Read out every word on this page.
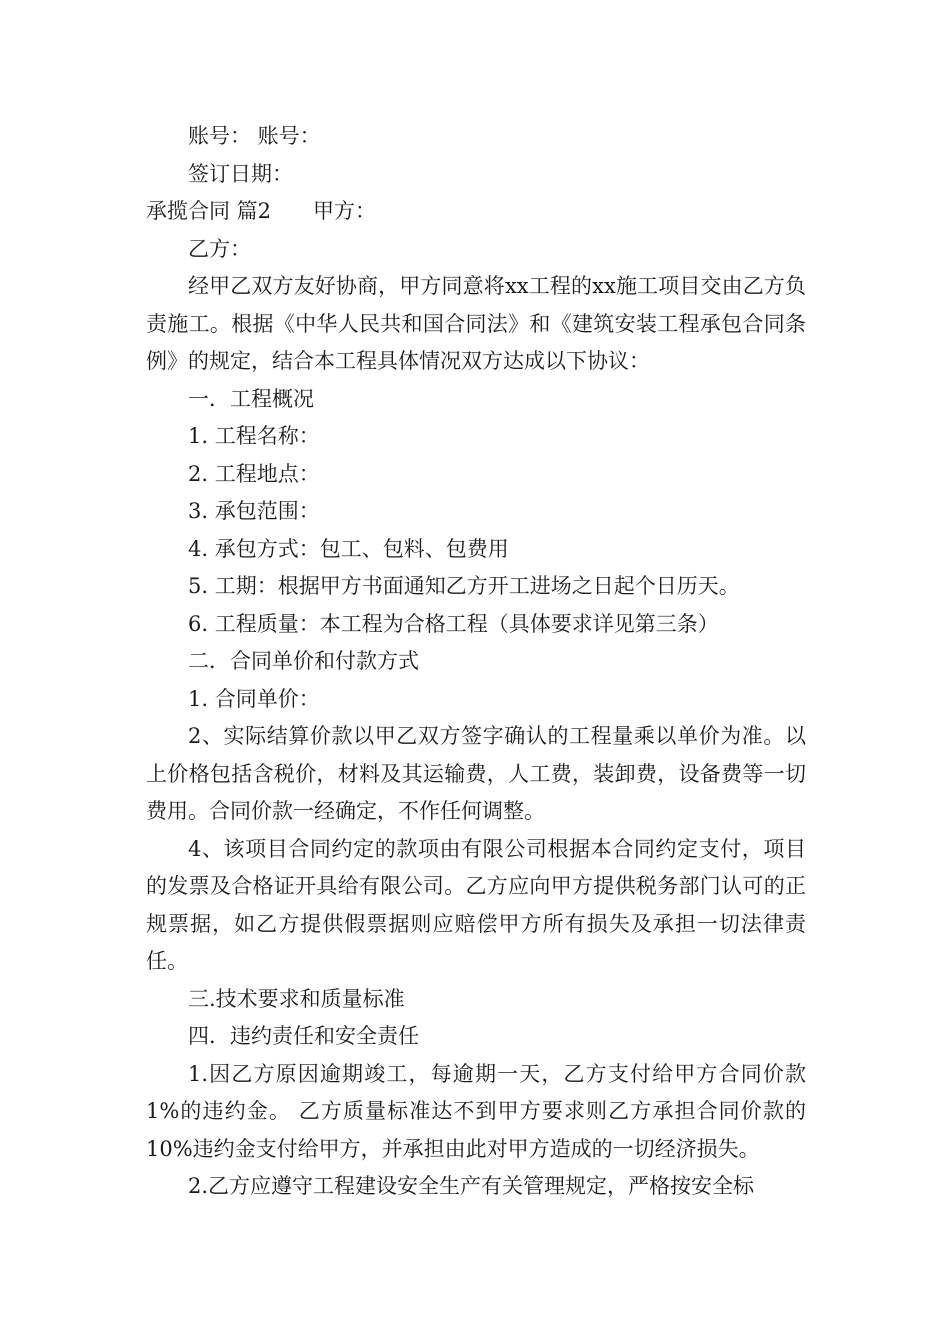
账号： 账号：

签订日期：

承揽合同 篇2 甲方：

乙方：

经甲乙双方友好协商，甲方同意将xx工程的xx施工项目交由乙方负责施工。根据《中华人民共和国合同法》和《建筑安装工程承包合同条例》的规定，结合本工程具体情况双方达成以下协议：

一．工程概况

1. 工程名称：

2. 工程地点：

3. 承包范围：

4. 承包方式：包工、包料、包费用

5. 工期：根据甲方书面通知乙方开工进场之日起个日历天。

6. 工程质量：本工程为合格工程（具体要求详见第三条）

二．合同单价和付款方式

1. 合同单价：

2、实际结算价款以甲乙双方签字确认的工程量乘以单价为准。以上价格包括含税价，材料及其运输费，人工费，装卸费，设备费等一切费用。合同价款一经确定，不作任何调整。

4、该项目合同约定的款项由有限公司根据本合同约定支付，项目的发票及合格证开具给有限公司。乙方应向甲方提供税务部门认可的正规票据，如乙方提供假票据则应赔偿甲方所有损失及承担一切法律责任。

三.技术要求和质量标准

四．违约责任和安全责任

1.因乙方原因逾期竣工，每逾期一天，乙方支付给甲方合同价款 1%的违约金。 乙方质量标准达不到甲方要求则乙方承担合同价款的 10%违约金支付给甲方，并承担由此对甲方造成的一切经济损失。

2.乙方应遵守工程建设安全生产有关管理规定，严格按安全标
